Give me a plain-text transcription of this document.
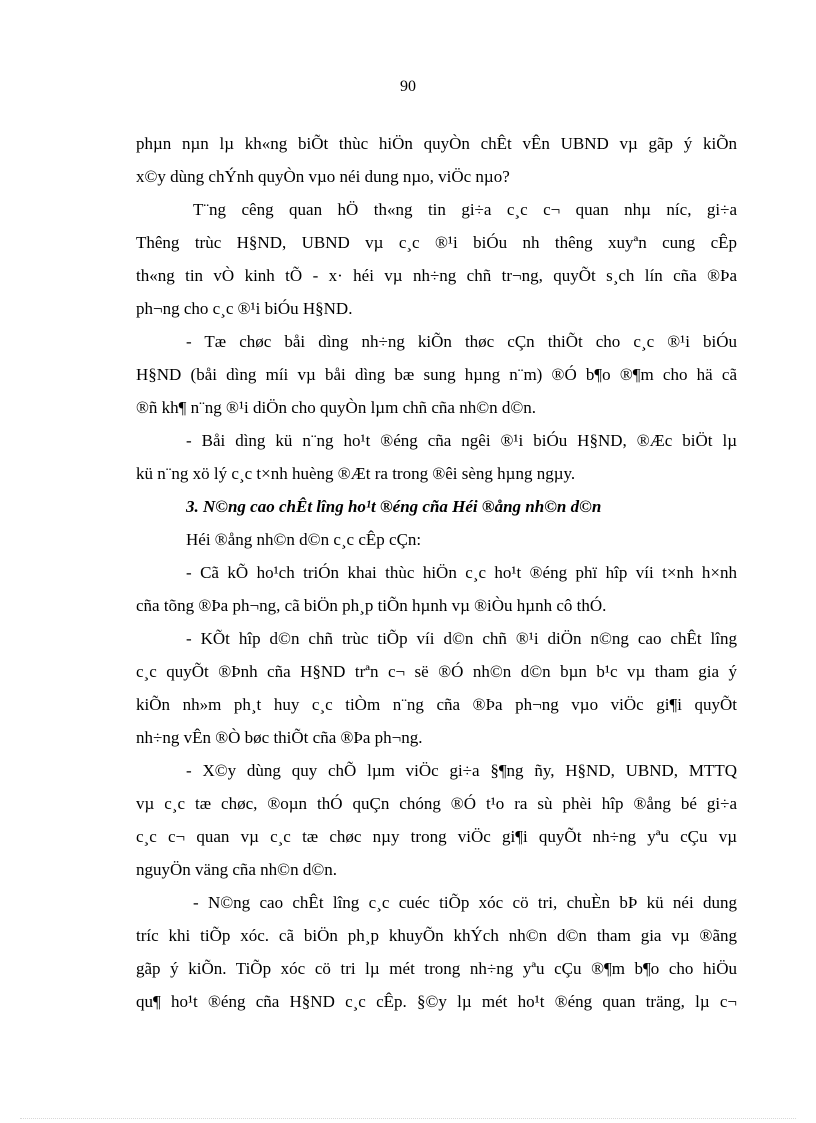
90
phµn nµn lµ kh«ng biÕt thùc hiÖn quyÒn chÊt vÊn UBND vµ gãp ý kiÕn
x©y dùng chÝnh quyÒn vµo néi dung nµo, viÖc nµo?
T¨ng cêng quan hÖ th«ng tin gi÷a c¸c c¬ quan nhµ níc, gi÷a
Thêng trùc H§ND, UBND vµ c¸c ®¹i biÓu nh thêng xuyªn cung cÊp
th«ng tin vÒ kinh tÕ - x· héi vµ nh÷ng chñ tr¬ng, quyÕt s¸ch lín cña ®Þa
ph¬ng cho c¸c ®¹i biÓu H§ND.
- Tæ chøc båi dìng nh÷ng kiÕn thøc cÇn thiÕt cho c¸c ®¹i biÓu
H§ND (båi dìng míi vµ båi dìng bæ sung hµng n¨m) ®Ó b¶o ®¶m cho hä cã
®ñ kh¶ n¨ng ®¹i diÖn cho quyÒn lµm chñ cña nh©n d©n.
- Båi dìng kü n¨ng ho¹t ®éng cña ngêi ®¹i biÓu H§ND, ®Æc biÖt lµ
kü n¨ng xö lý c¸c t×nh huèng ®Æt ra trong ®êi sèng hµng ngµy.
3. N©ng cao chÊt lîng ho¹t ®éng cña Héi ®ång nh©n d©n
Héi ®ång nh©n d©n c¸c cÊp cÇn:
- Cã kÕ ho¹ch triÓn khai thùc hiÖn c¸c ho¹t ®éng phï hîp víi t×nh h×nh
cña tõng ®Þa ph¬ng, cã biÖn ph¸p tiÕn hµnh vµ ®iÒu hµnh cô thÓ.
- KÕt hîp d©n chñ trùc tiÕp víi d©n chñ ®¹i diÖn n©ng cao chÊt lîng
c¸c quyÕt ®Þnh cña H§ND trªn c¬ së ®Ó nh©n d©n bµn b¹c vµ tham gia ý
kiÕn nh»m ph¸t huy c¸c tiÒm n¨ng cña ®Þa ph¬ng vµo viÖc gi¶i quyÕt
nh÷ng vÊn ®Ò bøc thiÕt cña ®Þa ph¬ng.
- X©y dùng quy chÕ lµm viÖc gi÷a §¶ng ñy, H§ND, UBND, MTTQ
vµ c¸c tæ chøc, ®oµn thÓ quÇn chóng ®Ó t¹o ra sù phèi hîp ®ång bé gi÷a
c¸c c¬ quan vµ c¸c tæ chøc nµy trong viÖc gi¶i quyÕt nh÷ng yªu cÇu vµ
nguyÖn väng cña nh©n d©n.
- N©ng cao chÊt lîng c¸c cuéc tiÕp xóc cö tri, chuÈn bÞ kü néi dung
tríc khi tiÕp xóc. cã biÖn ph¸p khuyÕn khÝch nh©n d©n tham gia vµ ®ãng
gãp ý kiÕn. TiÕp xóc cö tri lµ mét trong nh÷ng yªu cÇu ®¶m b¶o cho hiÖu
qu¶ ho¹t ®éng cña H§ND c¸c cÊp. §©y lµ mét ho¹t ®éng quan träng, lµ c¬
